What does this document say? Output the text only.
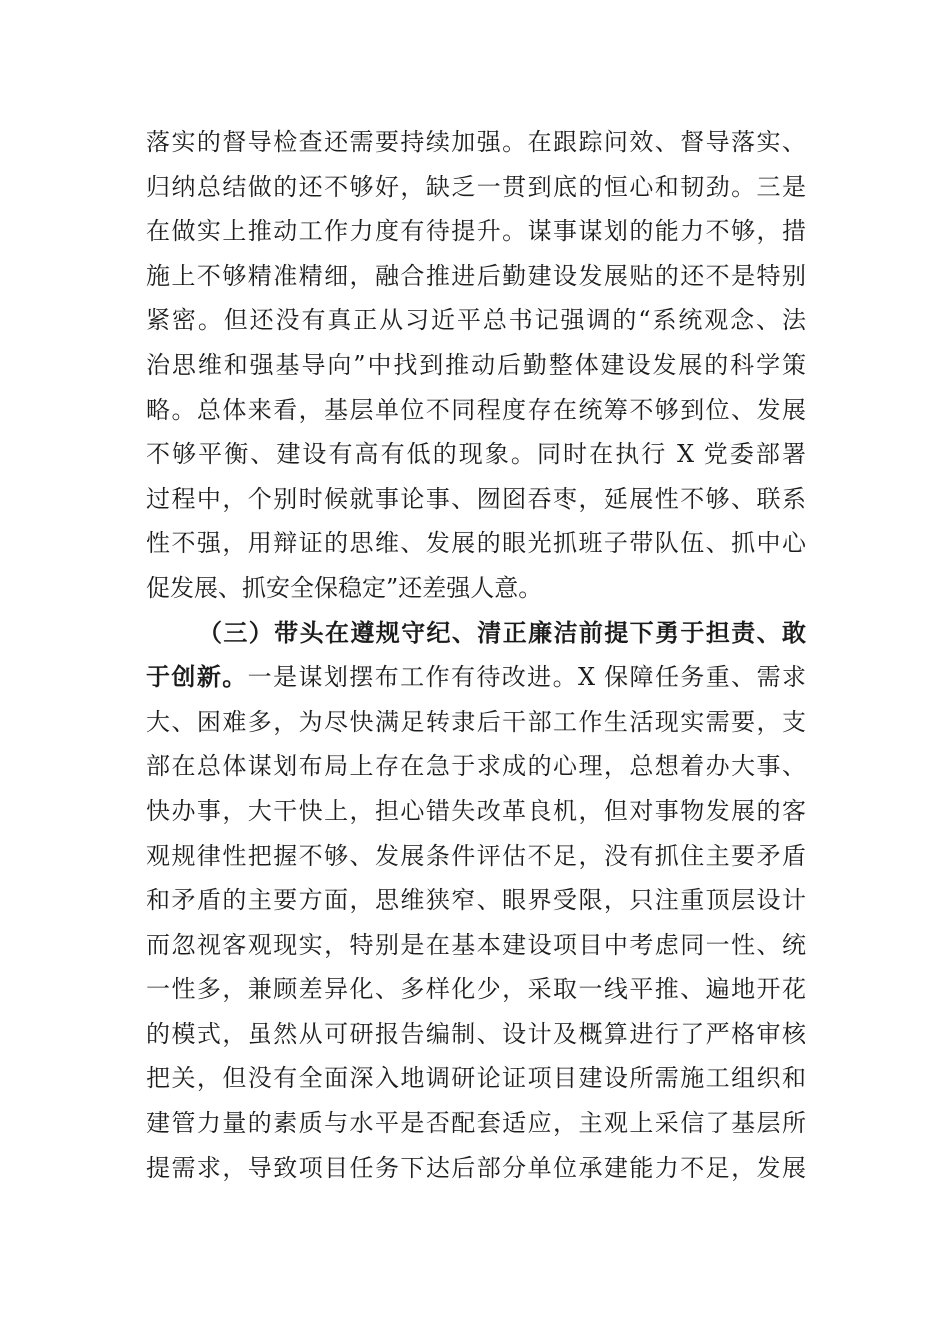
落实的督导检查还需要持续加强。在跟踪问效、督导落实、
归纳总结做的还不够好，缺乏一贯到底的恒心和韧劲。三是
在做实上推动工作力度有待提升。谋事谋划的能力不够，措
施上不够精准精细，融合推进后勤建设发展贴的还不是特别
紧密。但还没有真正从习近平总书记强调的“系统观念、法
治思维和强基导向”中找到推动后勤整体建设发展的科学策
略。总体来看，基层单位不同程度存在统筹不够到位、发展
不够平衡、建设有高有低的现象。同时在执行 X 党委部署
过程中，个别时候就事论事、囫囵吞枣，延展性不够、联系
性不强，用辩证的思维、发展的眼光抓班子带队伍、抓中心
促发展、抓安全保稳定”还差强人意。
（三）带头在遵规守纪、清正廉洁前提下勇于担责、敢
于创新。一是谋划摆布工作有待改进。X 保障任务重、需求
大、困难多，为尽快满足转隶后干部工作生活现实需要，支
部在总体谋划布局上存在急于求成的心理，总想着办大事、
快办事，大干快上，担心错失改革良机，但对事物发展的客
观规律性把握不够、发展条件评估不足，没有抓住主要矛盾
和矛盾的主要方面，思维狭窄、眼界受限，只注重顶层设计
而忽视客观现实，特别是在基本建设项目中考虑同一性、统
一性多，兼顾差异化、多样化少，采取一线平推、遍地开花
的模式，虽然从可研报告编制、设计及概算进行了严格审核
把关，但没有全面深入地调研论证项目建设所需施工组织和
建管力量的素质与水平是否配套适应，主观上采信了基层所
提需求，导致项目任务下达后部分单位承建能力不足，发展
